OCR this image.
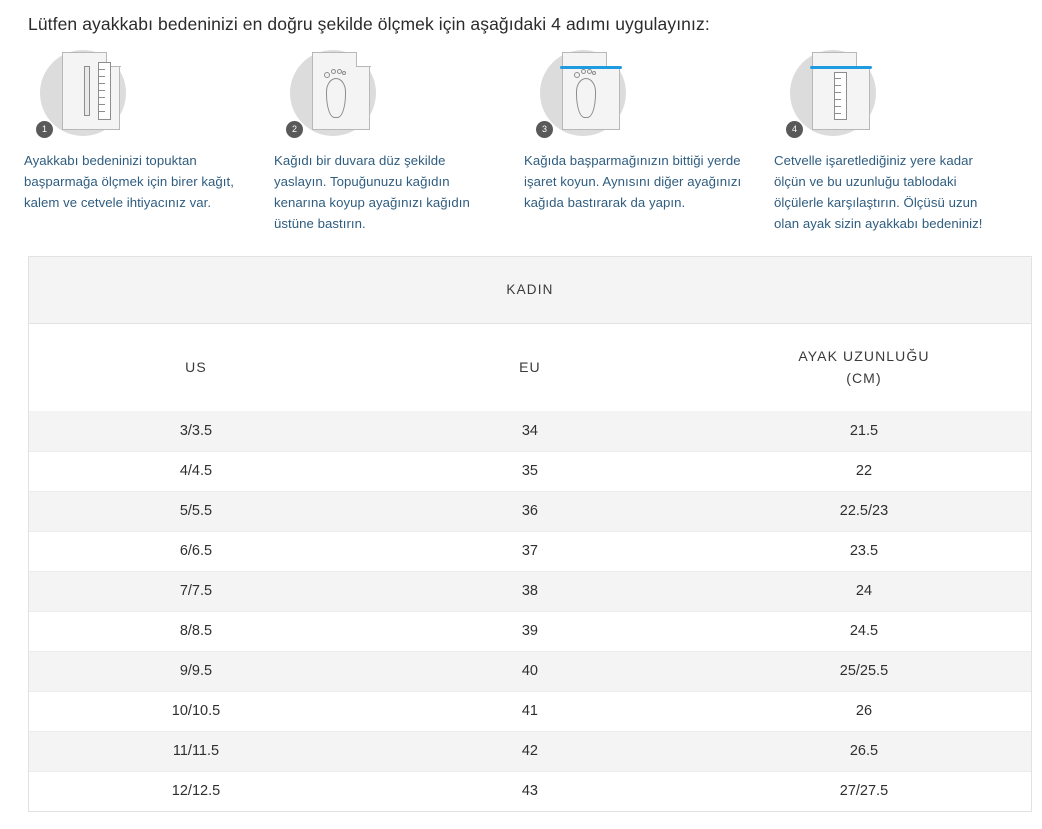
Lütfen ayakkabı bedeninizi en doğru şekilde ölçmek için aşağıdaki 4 adımı uygulayınız:
1
Ayakkabı bedeninizi topuktan başparmağa ölçmek için birer kağıt, kalem ve cetvele ihtiyacınız var.
2
Kağıdı bir duvara düz şekilde yaslayın. Topuğunuzu kağıdın kenarına koyup ayağınızı kağıdın üstüne bastırın.
3
Kağıda başparmağınızın bittiği yerde işaret koyun. Aynısını diğer ayağınızı kağıda bastırarak da yapın.
4
Cetvelle işaretlediğiniz yere kadar ölçün ve bu uzunluğu tablodaki ölçülerle karşılaştırın. Ölçüsü uzun olan ayak sizin ayakkabı bedeniniz!
KADIN		
US	EU	AYAK UZUNLUĞU
(CM)

3/3.5	34	21.5
4/4.5	35	22
5/5.5	36	22.5/23
6/6.5	37	23.5
7/7.5	38	24
8/8.5	39	24.5
9/9.5	40	25/25.5
10/10.5	41	26
11/11.5	42	26.5
12/12.5	43	27/27.5
